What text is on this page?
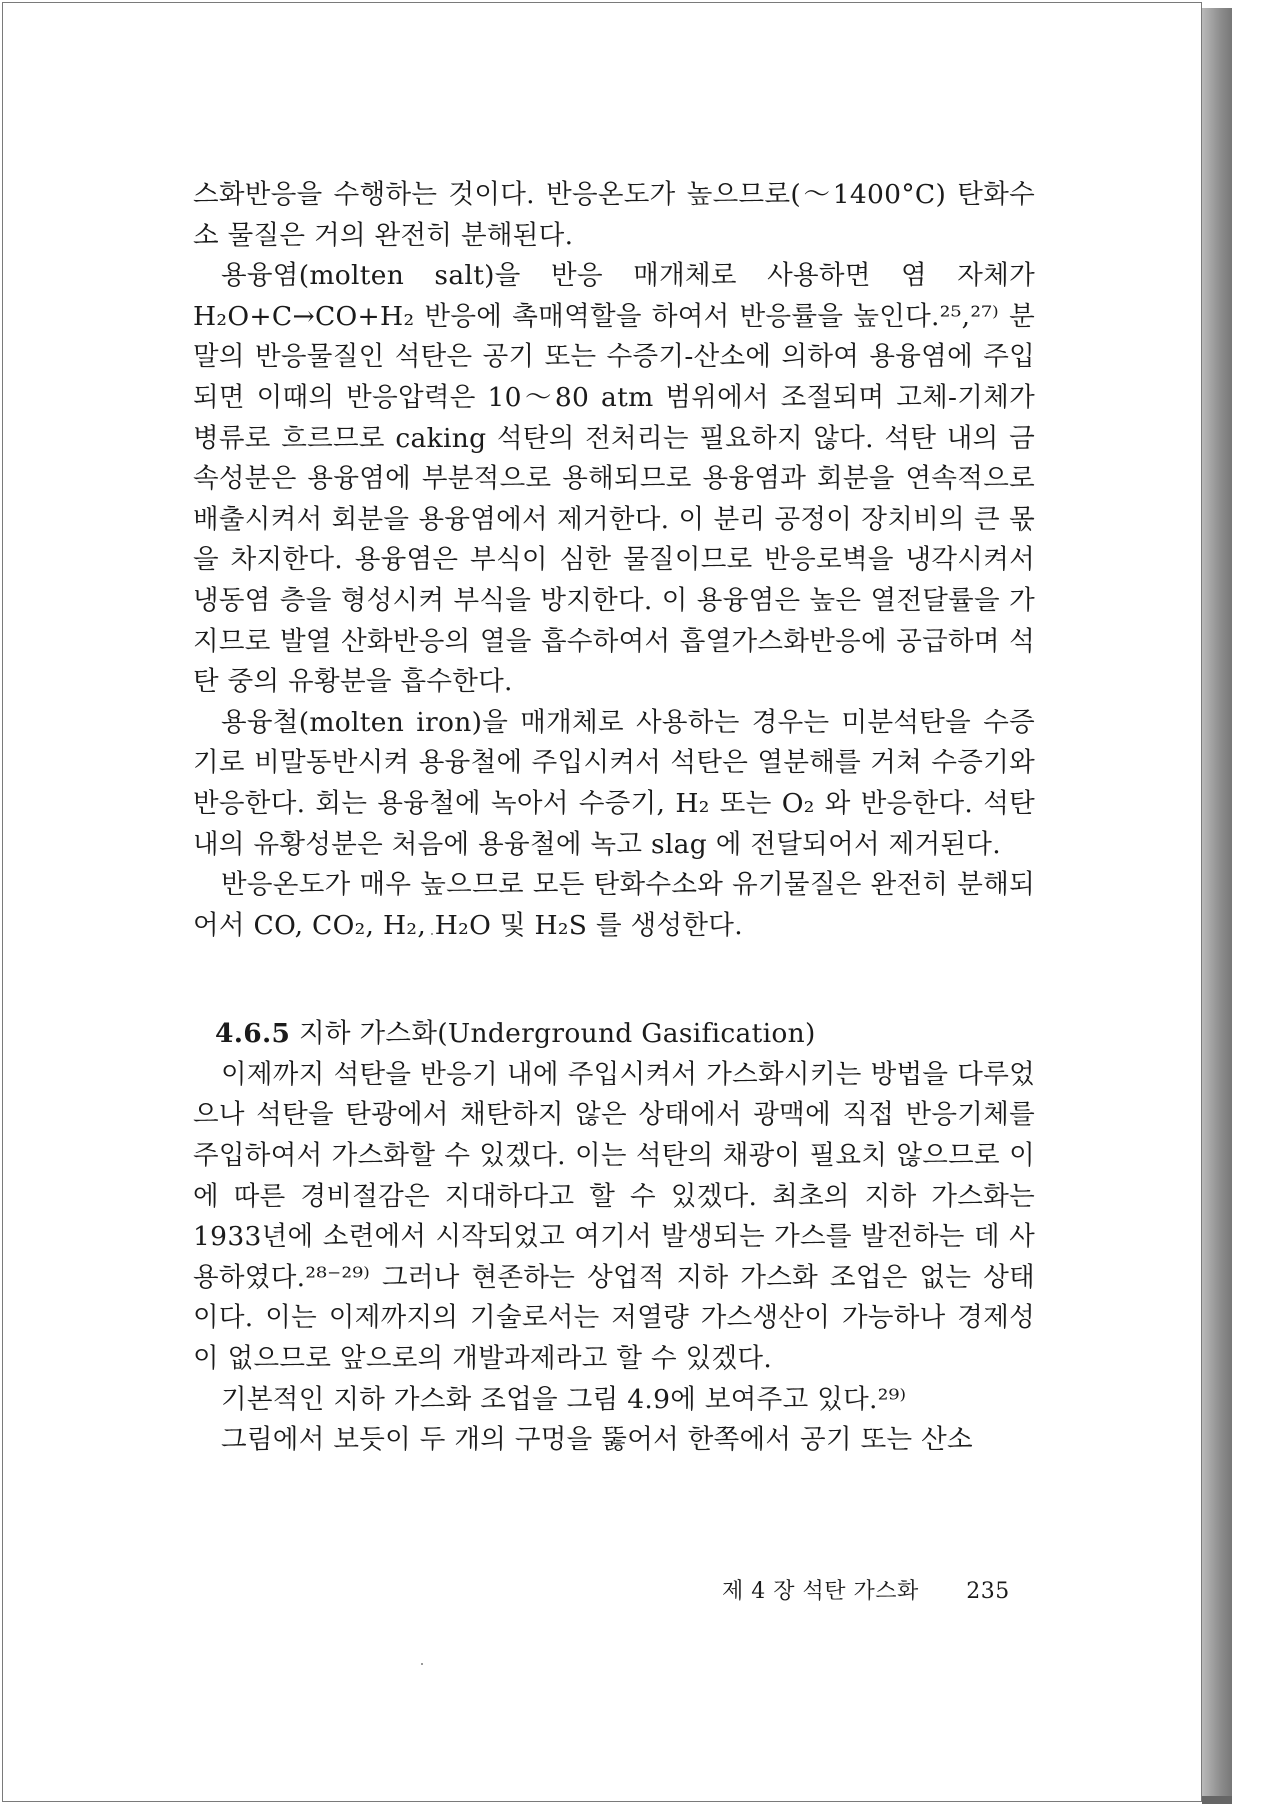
스화반응을 수행하는 것이다. 반응온도가 높으므로(～1400°C) 탄화수소 물질은 거의 완전히 분해된다.

용융염(molten salt)을 반응 매개체로 사용하면 염 자체가 H₂O+C→CO+H₂ 반응에 촉매역할을 하여서 반응률을 높인다.²⁵,²⁷⁾ 분말의 반응물질인 석탄은 공기 또는 수증기-산소에 의하여 용융염에 주입되면 이때의 반응압력은 10～80 atm 범위에서 조절되며 고체-기체가 병류로 흐르므로 caking 석탄의 전처리는 필요하지 않다. 석탄 내의 금속성분은 용융염에 부분적으로 용해되므로 용융염과 회분을 연속적으로 배출시켜서 회분을 용융염에서 제거한다. 이 분리 공정이 장치비의 큰 몫을 차지한다. 용융염은 부식이 심한 물질이므로 반응로벽을 냉각시켜서 냉동염 층을 형성시켜 부식을 방지한다. 이 용융염은 높은 열전달률을 가지므로 발열 산화반응의 열을 흡수하여서 흡열가스화반응에 공급하며 석탄 중의 유황분을 흡수한다.

용융철(molten iron)을 매개체로 사용하는 경우는 미분석탄을 수증기로 비말동반시켜 용융철에 주입시켜서 석탄은 열분해를 거쳐 수증기와 반응한다. 회는 용융철에 녹아서 수증기, H₂ 또는 O₂ 와 반응한다. 석탄 내의 유황성분은 처음에 용융철에 녹고 slag 에 전달되어서 제거된다.

반응온도가 매우 높으므로 모든 탄화수소와 유기물질은 완전히 분해되어서 CO, CO₂, H₂, H₂O 및 H₂S 를 생성한다.

4.6.5 지하 가스화(Underground Gasification)

이제까지 석탄을 반응기 내에 주입시켜서 가스화시키는 방법을 다루었으나 석탄을 탄광에서 채탄하지 않은 상태에서 광맥에 직접 반응기체를 주입하여서 가스화할 수 있겠다. 이는 석탄의 채광이 필요치 않으므로 이에 따른 경비절감은 지대하다고 할 수 있겠다. 최초의 지하 가스화는 1933년에 소련에서 시작되었고 여기서 발생되는 가스를 발전하는 데 사용하였다.²⁸⁻²⁹⁾ 그러나 현존하는 상업적 지하 가스화 조업은 없는 상태이다. 이는 이제까지의 기술로서는 저열량 가스생산이 가능하나 경제성이 없으므로 앞으로의 개발과제라고 할 수 있겠다.

기본적인 지하 가스화 조업을 그림 4.9에 보여주고 있다.²⁹⁾

그림에서 보듯이 두 개의 구멍을 뚫어서 한쪽에서 공기 또는 산소

제 4 장 석탄 가스화 235
